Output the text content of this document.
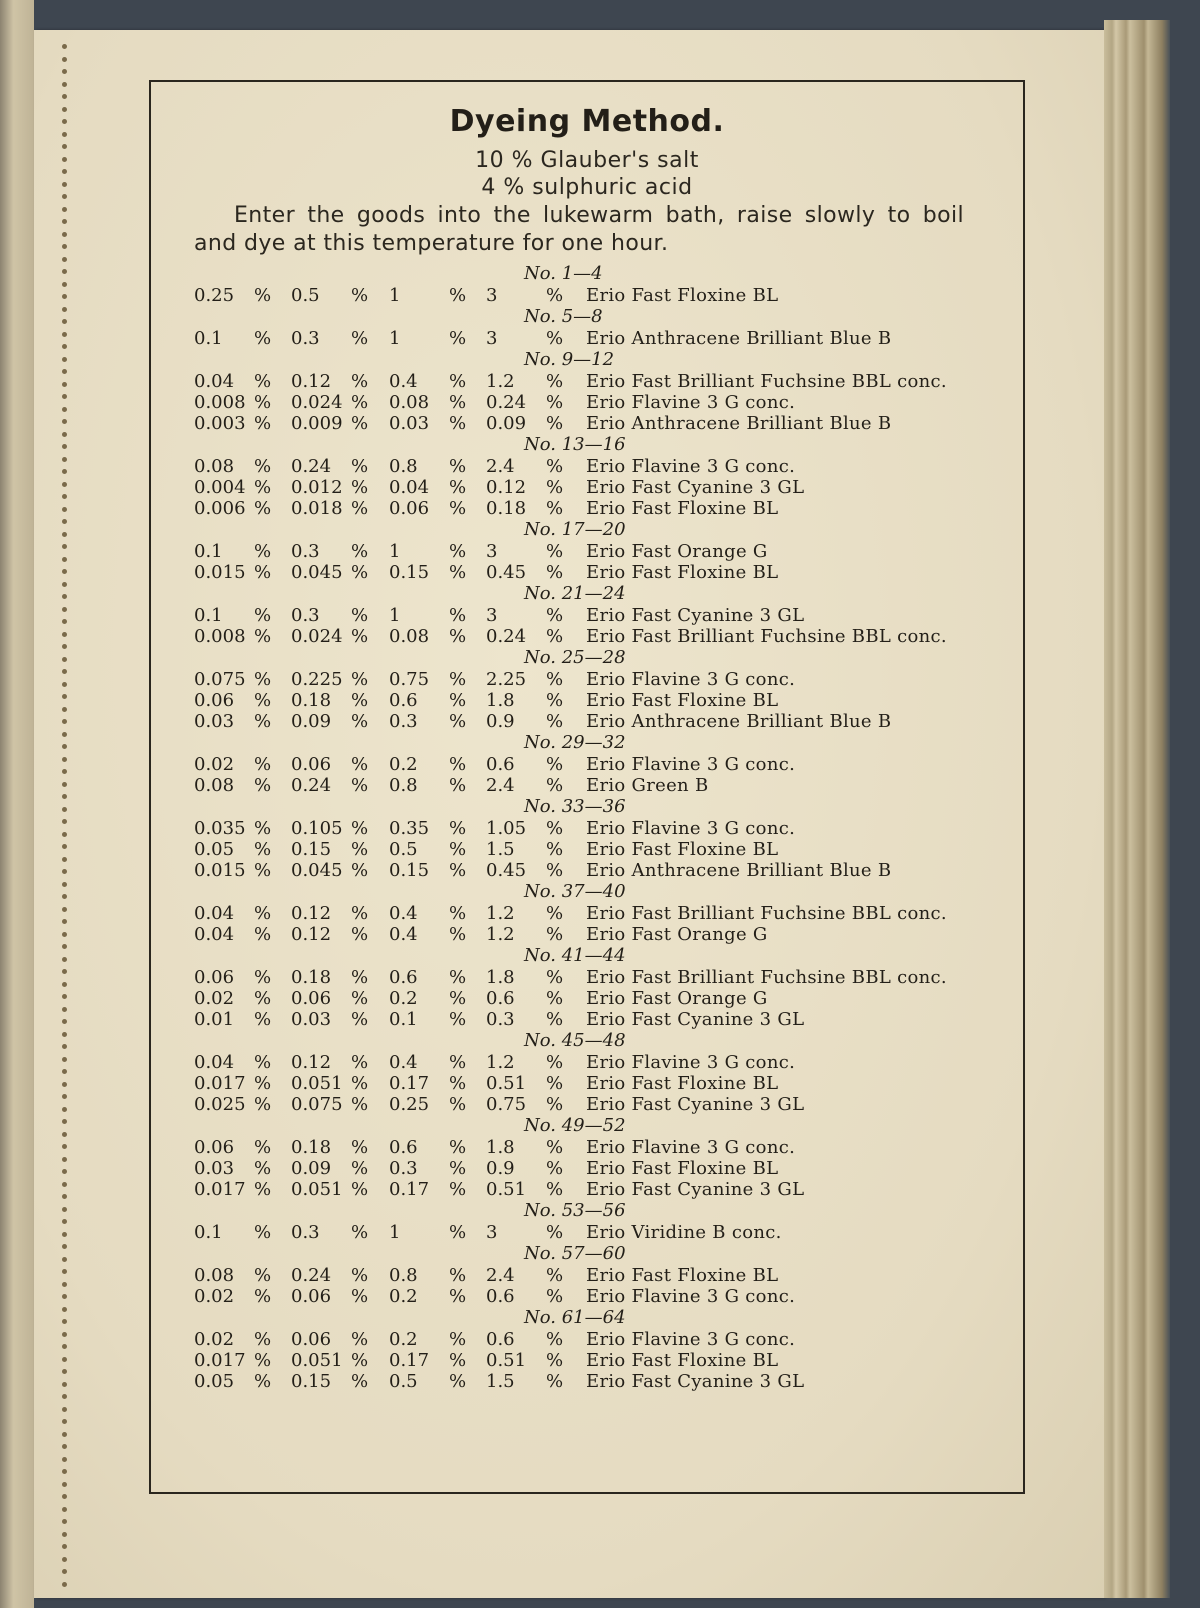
Dyeing Method.
10 % Glauber's salt
4 % sulphuric acid

Enter the goods into the lukewarm bath, raise slowly to boil and dye at this temperature for one hour.

No. 1—4
0.25	% 0.5	% 1	% 3	% Erio Fast Floxine BL
No. 5—8
0.1	% 0.3	% 1	% 3	% Erio Anthracene Brilliant Blue B
No. 9—12
0.04	% 0.12	% 0.4	% 1.2	% Erio Fast Brilliant Fuchsine BBL conc.
0.008 % 0.024 % 0.08	% 0.24	% Erio Flavine 3 G conc.
0.003 % 0.009 % 0.03	% 0.09	% Erio Anthracene Brilliant Blue B
No. 13—16
0.08	% 0.24	% 0.8	% 2.4	% Erio Flavine 3 G conc.
0.004 % 0.012 % 0.04	% 0.12	% Erio Fast Cyanine 3 GL
0.006 % 0.018 % 0.06	% 0.18	% Erio Fast Floxine BL
No. 17—20
0.1	% 0.3	% 1	% 3	% Erio Fast Orange G
0.015 % 0.045 % 0.15	% 0.45	% Erio Fast Floxine BL
No. 21—24
0.1	% 0.3	% 1	% 3	% Erio Fast Cyanine 3 GL
0.008 % 0.024 % 0.08	% 0.24	% Erio Fast Brilliant Fuchsine BBL conc.
No. 25—28
0.075 % 0.225 % 0.75	% 2.25	% Erio Flavine 3 G conc.
0.06	% 0.18	% 0.6	% 1.8	% Erio Fast Floxine BL
0.03	% 0.09	% 0.3	% 0.9	% Erio Anthracene Brilliant Blue B
No. 29—32
0.02	% 0.06	% 0.2	% 0.6	% Erio Flavine 3 G conc.
0.08	% 0.24	% 0.8	% 2.4	% Erio Green B
No. 33—36
0.035 % 0.105 % 0.35	% 1.05	% Erio Flavine 3 G conc.
0.05	% 0.15	% 0.5	% 1.5	% Erio Fast Floxine BL
0.015 % 0.045 % 0.15	% 0.45	% Erio Anthracene Brilliant Blue B
No. 37—40
0.04	% 0.12	% 0.4	% 1.2	% Erio Fast Brilliant Fuchsine BBL conc.
0.04	% 0.12	% 0.4	% 1.2	% Erio Fast Orange G
No. 41—44
0.06	% 0.18	% 0.6	% 1.8	% Erio Fast Brilliant Fuchsine BBL conc.
0.02	% 0.06	% 0.2	% 0.6	% Erio Fast Orange G
0.01	% 0.03	% 0.1	% 0.3	% Erio Fast Cyanine 3 GL
No. 45—48
0.04	% 0.12	% 0.4	% 1.2	% Erio Flavine 3 G conc.
0.017 % 0.051 % 0.17	% 0.51	% Erio Fast Floxine BL
0.025 % 0.075 % 0.25	% 0.75	% Erio Fast Cyanine 3 GL
No. 49—52
0.06	% 0.18	% 0.6	% 1.8	% Erio Flavine 3 G conc.
0.03	% 0.09	% 0.3	% 0.9	% Erio Fast Floxine BL
0.017 % 0.051 % 0.17	% 0.51	% Erio Fast Cyanine 3 GL
No. 53—56
0.1	% 0.3	% 1	% 3	% Erio Viridine B conc.
No. 57—60
0.08	% 0.24	% 0.8	% 2.4	% Erio Fast Floxine BL
0.02	% 0.06	% 0.2	% 0.6	% Erio Flavine 3 G conc.
No. 61—64
0.02	% 0.06	% 0.2	% 0.6	% Erio Flavine 3 G conc.
0.017 % 0.051 % 0.17	% 0.51	% Erio Fast Floxine BL
0.05	% 0.15	% 0.5	% 1.5	% Erio Fast Cyanine 3 GL
